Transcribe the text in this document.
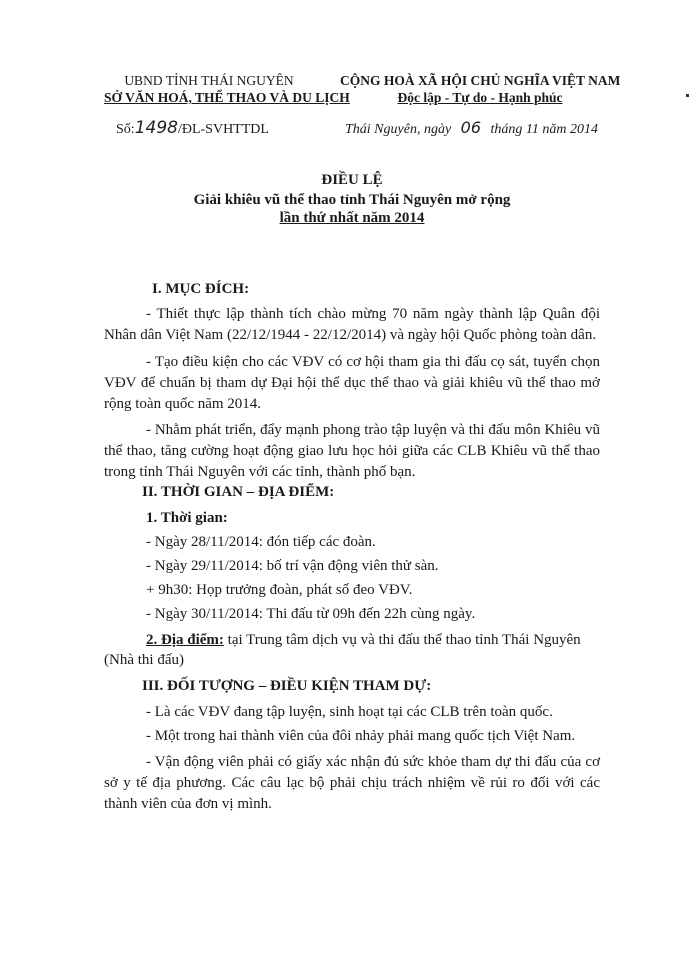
UBND TỈNH THÁI NGUYÊN
SỞ VĂN HOÁ, THỂ THAO VÀ DU LỊCH
CỘNG HOÀ XÃ HỘI CHỦ NGHĨA VIỆT NAM
Độc lập - Tự do - Hạnh phúc
Số:1498/ĐL-SVHTTDL	Thái Nguyên, ngày 06 tháng 11 năm 2014
ĐIỀU LỆ
Giải khiêu vũ thể thao tỉnh Thái Nguyên mở rộng
lần thứ nhất năm 2014
I. MỤC ĐÍCH:
- Thiết thực lập thành tích chào mừng 70 năm ngày thành lập Quân đội Nhân dân Việt Nam (22/12/1944 - 22/12/2014) và ngày hội Quốc phòng toàn dân.
- Tạo điều kiện cho các VĐV có cơ hội tham gia thi đấu cọ sát, tuyển chọn VĐV để chuẩn bị tham dự Đại hội thể dục thể thao và giải khiêu vũ thể thao mở rộng toàn quốc năm 2014.
- Nhằm phát triển, đẩy mạnh phong trào tập luyện và thi đấu môn Khiêu vũ thể thao, tăng cường hoạt động giao lưu học hỏi giữa các CLB Khiêu vũ thể thao trong tỉnh Thái Nguyên với các tỉnh, thành phố bạn.
II. THỜI GIAN – ĐỊA ĐIỂM:
1. Thời gian:
- Ngày 28/11/2014: đón tiếp các đoàn.
- Ngày 29/11/2014: bố trí vận động viên thử sàn.
+ 9h30: Họp trưởng đoàn, phát số đeo VĐV.
- Ngày 30/11/2014: Thi đấu từ 09h đến 22h cùng ngày.
2. Địa điểm: tại Trung tâm dịch vụ và thi đấu thể thao tỉnh Thái Nguyên
(Nhà thi đấu)
III. ĐỐI TƯỢNG – ĐIỀU KIỆN THAM DỰ:
- Là các VĐV đang tập luyện, sinh hoạt tại các CLB trên toàn quốc.
- Một trong hai thành viên của đôi nhảy phải mang quốc tịch Việt Nam.
- Vận động viên phải có giấy xác nhận đủ sức khỏe tham dự thi đấu của cơ sở y tế địa phương. Các câu lạc bộ phải chịu trách nhiệm về rủi ro đối với các thành viên của đơn vị mình.
